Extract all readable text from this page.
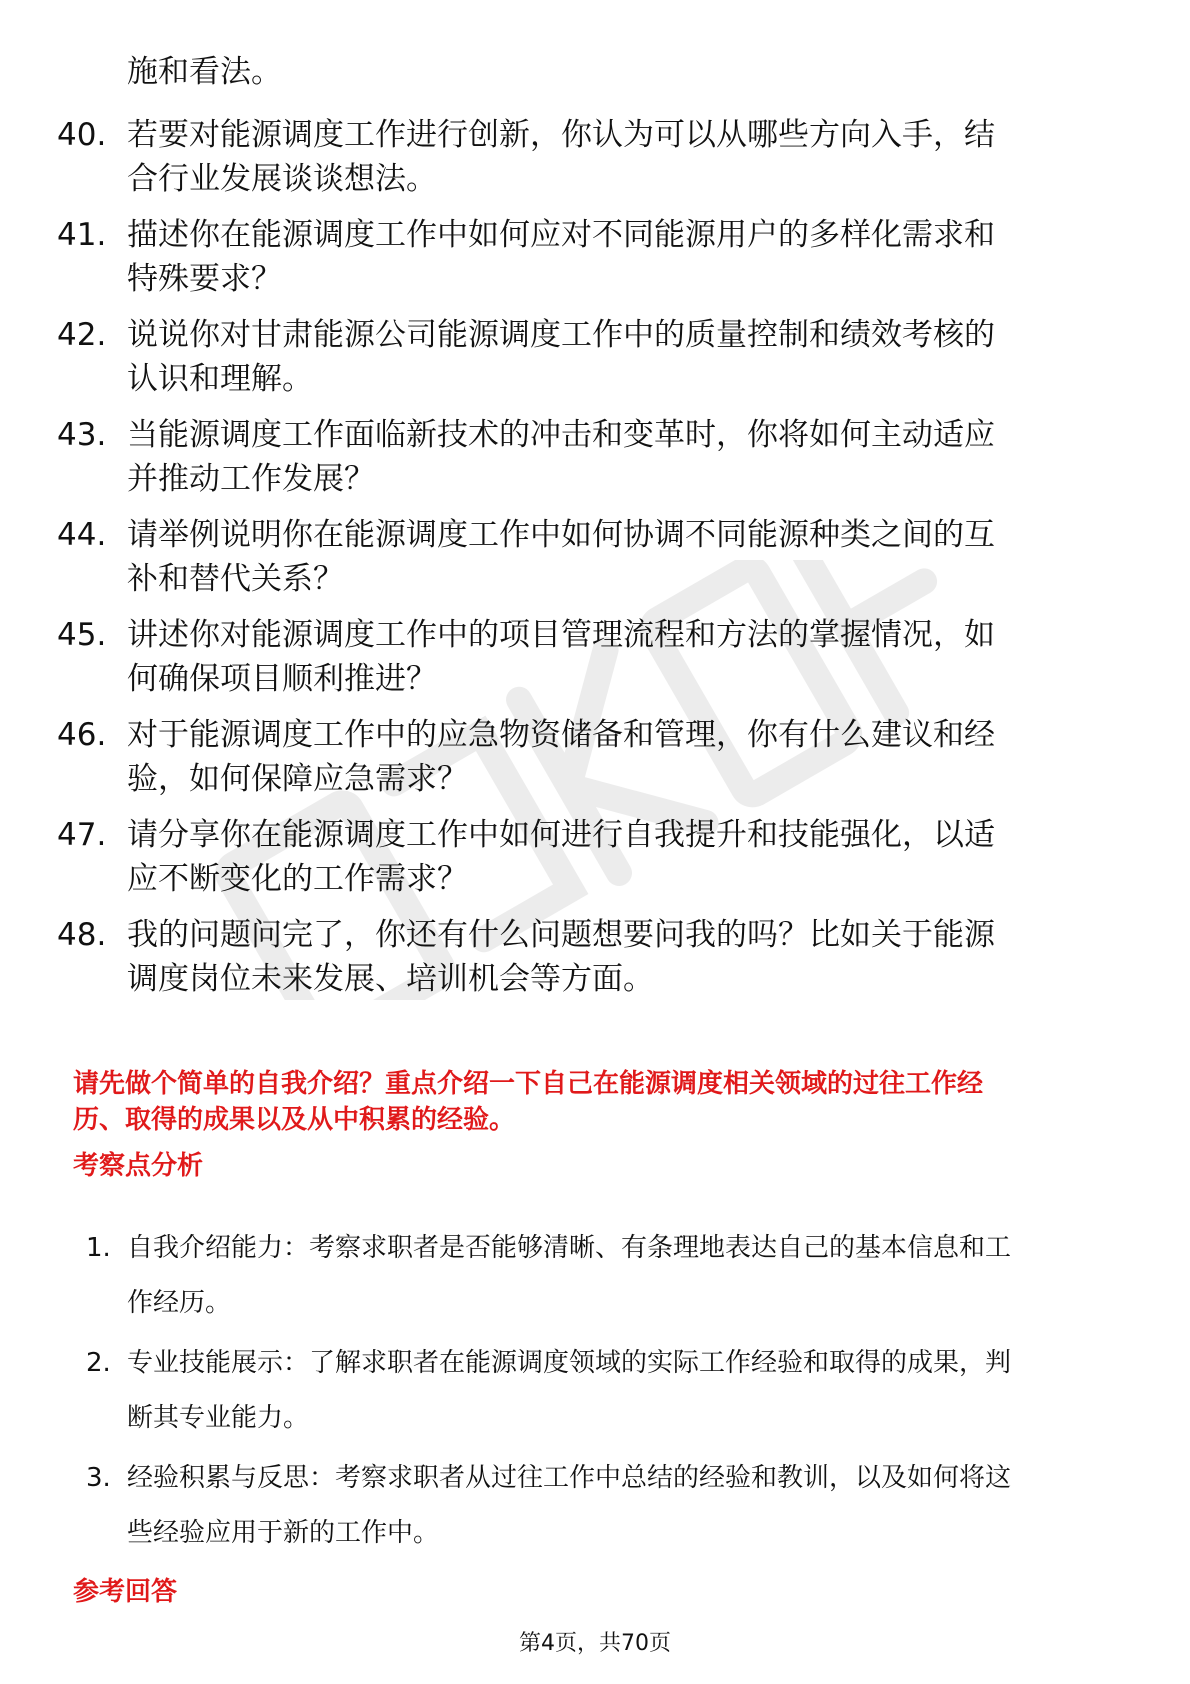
施和看法。
40. 若要对能源调度工作进行创新，你认为可以从哪些方向入手，结
合行业发展谈谈想法。
41. 描述你在能源调度工作中如何应对不同能源用户的多样化需求和
特殊要求？
42. 说说你对甘肃能源公司能源调度工作中的质量控制和绩效考核的
认识和理解。
43. 当能源调度工作面临新技术的冲击和变革时，你将如何主动适应
并推动工作发展？
44. 请举例说明你在能源调度工作中如何协调不同能源种类之间的互
补和替代关系？
45. 讲述你对能源调度工作中的项目管理流程和方法的掌握情况，如
何确保项目顺利推进？
46. 对于能源调度工作中的应急物资储备和管理，你有什么建议和经
验，如何保障应急需求？
47. 请分享你在能源调度工作中如何进行自我提升和技能强化，以适
应不断变化的工作需求？
48. 我的问题问完了，你还有什么问题想要问我的吗？比如关于能源
调度岗位未来发展、培训机会等方面。
请先做个简单的自我介绍？重点介绍一下自己在能源调度相关领域的过往工作经
历、取得的成果以及从中积累的经验。
考察点分析
1. 自我介绍能力：考察求职者是否能够清晰、有条理地表达自己的基本信息和工
作经历。
2. 专业技能展示：了解求职者在能源调度领域的实际工作经验和取得的成果，判
断其专业能力。
3. 经验积累与反思：考察求职者从过往工作中总结的经验和教训，以及如何将这
些经验应用于新的工作中。
参考回答
第4页，共70页
